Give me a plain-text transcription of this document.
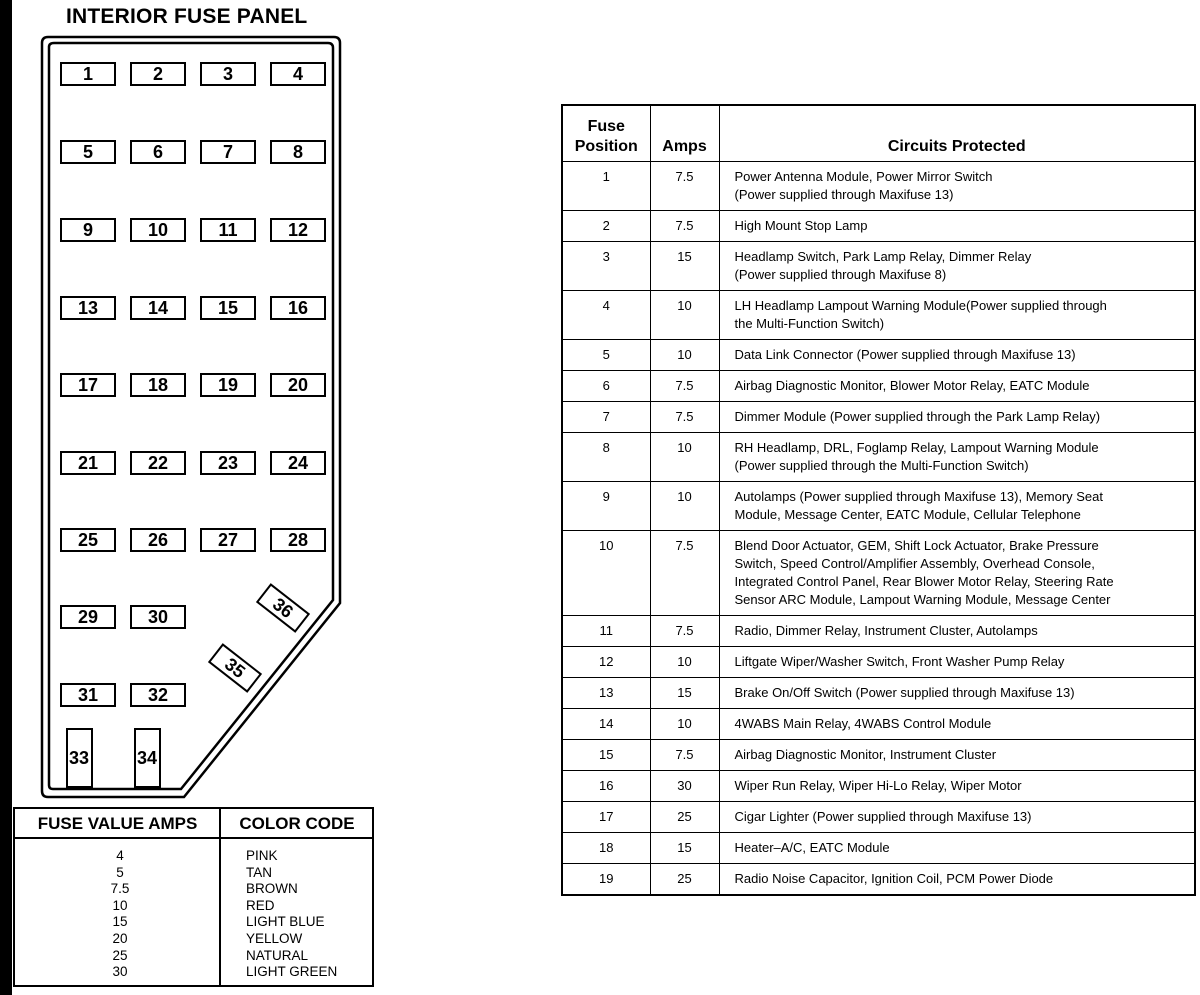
INTERIOR FUSE PANEL
1	2	3	4
5	6	7	8
9	10	11	12
13	14	15	16
17	18	19	20
21	22	23	24
25	26	27	28
29	30
31	32
33	34
35
36
FUSE VALUE AMPS	COLOR CODE
4	PINK
5	TAN
7.5	BROWN
10	RED
15	LIGHT BLUE
20	YELLOW
25	NATURAL
30	LIGHT GREEN
Fuse
Position	Amps	Circuits Protected
1	7.5	Power Antenna Module, Power Mirror Switch
(Power supplied through Maxifuse 13)
2	7.5	High Mount Stop Lamp
3	15	Headlamp Switch, Park Lamp Relay, Dimmer Relay
(Power supplied through Maxifuse 8)
4	10	LH Headlamp Lampout Warning Module(Power supplied through
the Multi-Function Switch)
5	10	Data Link Connector (Power supplied through Maxifuse 13)
6	7.5	Airbag Diagnostic Monitor, Blower Motor Relay, EATC Module
7	7.5	Dimmer Module (Power supplied through the Park Lamp Relay)
8	10	RH Headlamp, DRL, Foglamp Relay, Lampout Warning Module
(Power supplied through the Multi-Function Switch)
9	10	Autolamps (Power supplied through Maxifuse 13), Memory Seat
Module, Message Center, EATC Module, Cellular Telephone
10	7.5	Blend Door Actuator, GEM, Shift Lock Actuator, Brake Pressure
Switch, Speed Control/Amplifier Assembly, Overhead Console,
Integrated Control Panel, Rear Blower Motor Relay, Steering Rate
Sensor ARC Module, Lampout Warning Module, Message Center
11	7.5	Radio, Dimmer Relay, Instrument Cluster, Autolamps
12	10	Liftgate Wiper/Washer Switch, Front Washer Pump Relay
13	15	Brake On/Off Switch (Power supplied through Maxifuse 13)
14	10	4WABS Main Relay, 4WABS Control Module
15	7.5	Airbag Diagnostic Monitor, Instrument Cluster
16	30	Wiper Run Relay, Wiper Hi-Lo Relay, Wiper Motor
17	25	Cigar Lighter (Power supplied through Maxifuse 13)
18	15	Heater–A/C, EATC Module
19	25	Radio Noise Capacitor, Ignition Coil, PCM Power Diode
